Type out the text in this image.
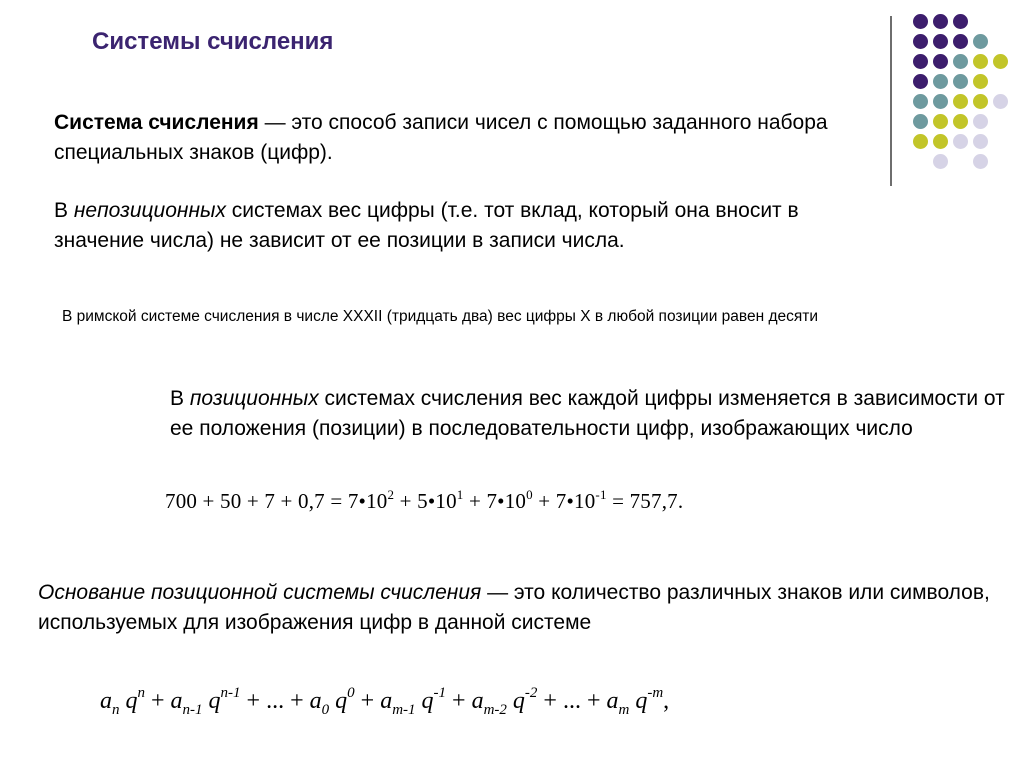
Системы счисления
Система счисления — это способ записи чисел с помощью заданного набора специальных знаков (цифр).
В непозиционных системах вес цифры (т.е. тот вклад, который она вносит в значение числа) не зависит от ее позиции в записи числа.
В римской системе счисления в числе XXXII (тридцать два) вес цифры X в любой позиции равен десяти
В позиционных системах счисления вес каждой цифры изменяется в зависимости от ее положения (позиции) в последовательности цифр, изображающих число
$700 + 50 + 7 + 0,7 = 7•10^2$ + $5•10^1$ + $7•10^0$ + $7•10^{-1} = 757,7$.
Основание позиционной системы счисления — это количество различных знаков или символов, используемых для изображения цифр в данной системе

$a_n$ $q^n + a_{n-1}$ $q^{n-1}$ + ... + $a_0$ $q^0 + a_{m-1}$ $q^{-1} + a_{m-2}$ $q^{-2}$ + ... + $a_m$ $q^{-m}$,
